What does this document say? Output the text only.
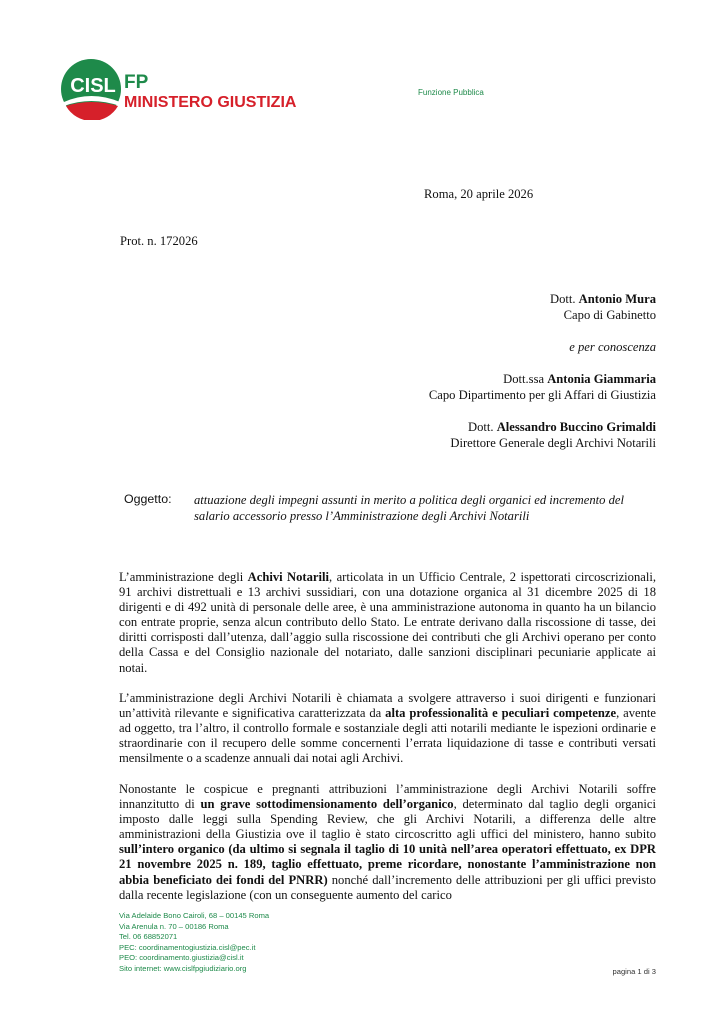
CISL FP
MINISTERO GIUSTIZIA
Funzione Pubblica
Roma, 20 aprile 2026
Prot. n. 172026
Dott. Antonio Mura
Capo di Gabinetto
e per conoscenza
Dott.ssa Antonia Giammaria
Capo Dipartimento per gli Affari di Giustizia
Dott. Alessandro Buccino Grimaldi
Direttore Generale degli Archivi Notarili
Oggetto: attuazione degli impegni assunti in merito a politica degli organici ed incremento del salario accessorio presso l’Amministrazione degli Archivi Notarili
L’amministrazione degli Achivi Notarili, articolata in un Ufficio Centrale, 2 ispettorati circoscrizionali, 91 archivi distrettuali e 13 archivi sussidiari, con una dotazione organica al 31 dicembre 2025 di 18 dirigenti e di 492 unità di personale delle aree, è una amministrazione autonoma in quanto ha un bilancio con entrate proprie, senza alcun contributo dello Stato. Le entrate derivano dalla riscossione di tasse, dei diritti corrisposti dall’utenza, dall’aggio sulla riscossione dei contributi che gli Archivi operano per conto della Cassa e del Consiglio nazionale del notariato, dalle sanzioni disciplinari pecuniarie applicate ai notai.
L’amministrazione degli Archivi Notarili è chiamata a svolgere attraverso i suoi dirigenti e funzionari un’attività rilevante e significativa caratterizzata da alta professionalità e peculiari competenze, avente ad oggetto, tra l’altro, il controllo formale e sostanziale degli atti notarili mediante le ispezioni ordinarie e straordinarie con il recupero delle somme concernenti l’errata liquidazione di tasse e contributi versati mensilmente o a scadenze annuali dai notai agli Archivi.
Nonostante le cospicue e pregnanti attribuzioni l’amministrazione degli Archivi Notarili soffre innanzitutto di un grave sottodimensionamento dell’organico, determinato dal taglio degli organici imposto dalle leggi sulla Spending Review, che gli Archivi Notarili, a differenza delle altre amministrazioni della Giustizia ove il taglio è stato circoscritto agli uffici del ministero, hanno subito sull’intero organico (da ultimo si segnala il taglio di 10 unità nell’area operatori effettuato, ex DPR 21 novembre 2025 n. 189, taglio effettuato, preme ricordare, nonostante l’amministrazione non abbia beneficiato dei fondi del PNRR) nonché dall’incremento delle attribuzioni per gli uffici previsto dalla recente legislazione (con un conseguente aumento del carico
Via Adelaide Bono Cairoli, 68 – 00145 Roma
Via Arenula n. 70 – 00186 Roma
Tel. 06 68852071
PEC: coordinamentogiustizia.cisl@pec.it
PEO: coordinamento.giustizia@cisl.it
Sito internet: www.cislfpgiudiziario.org	pagina 1 di 3
